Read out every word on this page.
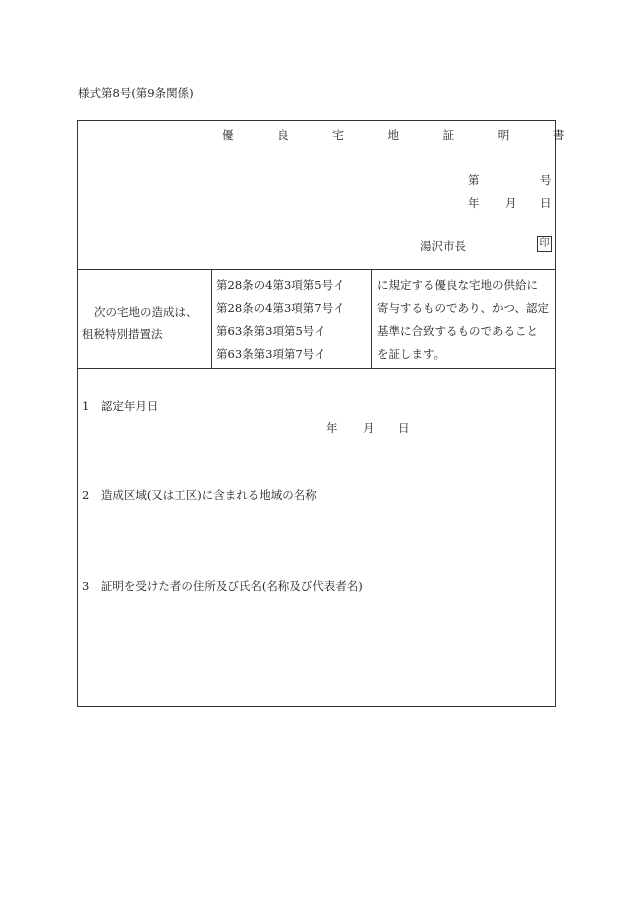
様式第8号(第9条関係)
優 良 宅 地 証 明 書
第	号
年 月 日
湯沢市長	印
次の宅地の造成は、
租税特別措置法
第28条の4第3項第5号イ
第28条の4第3項第7号イ
第63条第3項第5号イ
第63条第3項第7号イ
に規定する優良な宅地の供給に
寄与するものであり、かつ、認定
基準に合致するものであること
を証します。
1　認定年月日
年 月 日
2　造成区域(又は工区)に含まれる地域の名称
3　証明を受けた者の住所及び氏名(名称及び代表者名)
